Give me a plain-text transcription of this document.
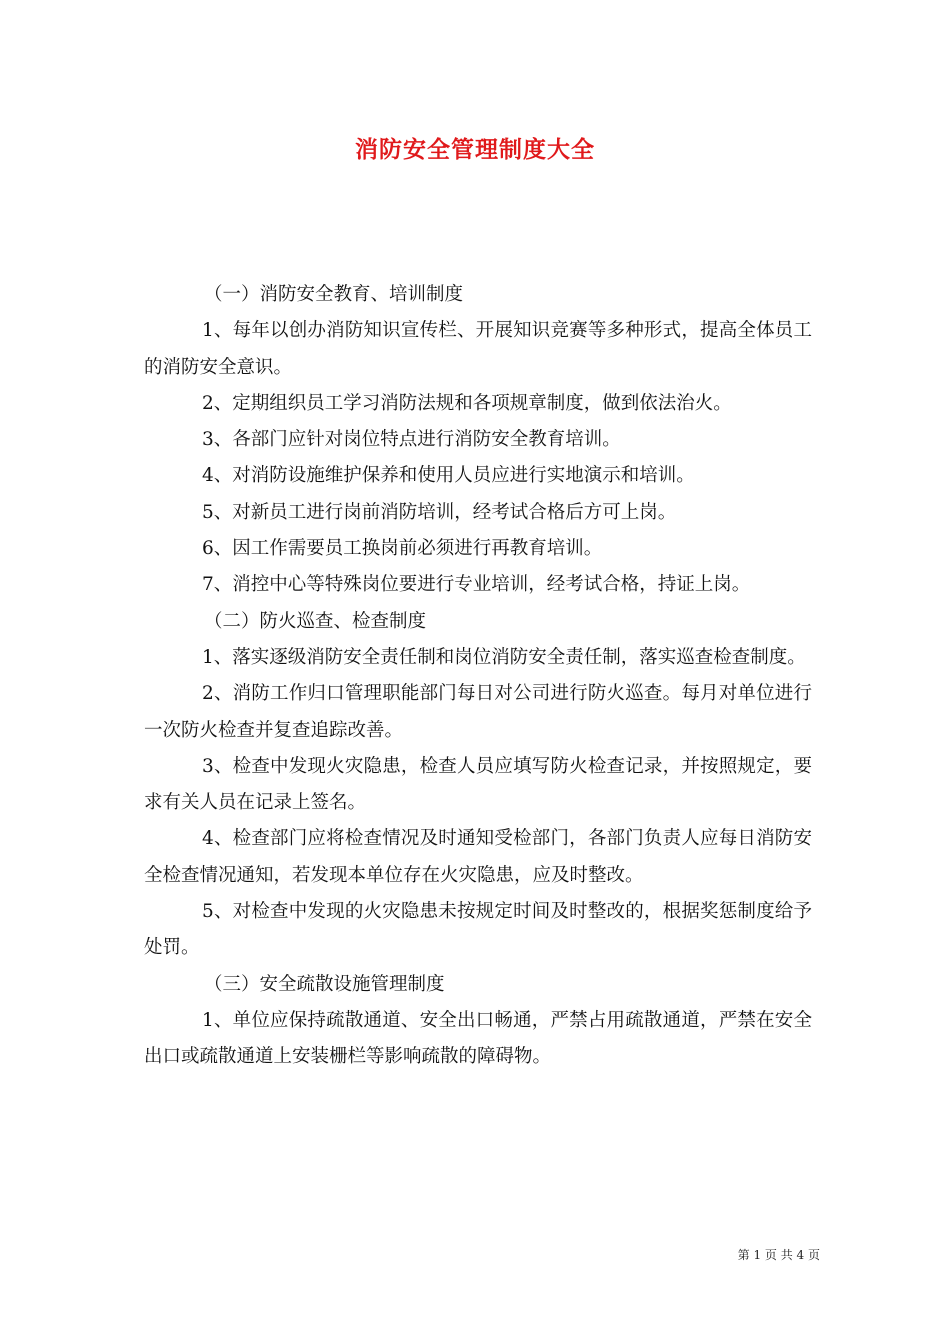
消防安全管理制度大全

（一）消防安全教育、培训制度

1、每年以创办消防知识宣传栏、开展知识竞赛等多种形式，提高全体员工的消防安全意识。

2、定期组织员工学习消防法规和各项规章制度，做到依法治火。

3、各部门应针对岗位特点进行消防安全教育培训。

4、对消防设施维护保养和使用人员应进行实地演示和培训。

5、对新员工进行岗前消防培训，经考试合格后方可上岗。

6、因工作需要员工换岗前必须进行再教育培训。

7、消控中心等特殊岗位要进行专业培训，经考试合格，持证上岗。

（二）防火巡查、检查制度

1、落实逐级消防安全责任制和岗位消防安全责任制，落实巡查检查制度。

2、消防工作归口管理职能部门每日对公司进行防火巡查。每月对单位进行一次防火检查并复查追踪改善。

3、检查中发现火灾隐患，检查人员应填写防火检查记录，并按照规定，要求有关人员在记录上签名。

4、检查部门应将检查情况及时通知受检部门，各部门负责人应每日消防安全检查情况通知，若发现本单位存在火灾隐患，应及时整改。

5、对检查中发现的火灾隐患未按规定时间及时整改的，根据奖惩制度给予处罚。

（三）安全疏散设施管理制度

1、单位应保持疏散通道、安全出口畅通，严禁占用疏散通道，严禁在安全出口或疏散通道上安装栅栏等影响疏散的障碍物。

第 1 页 共 4 页
